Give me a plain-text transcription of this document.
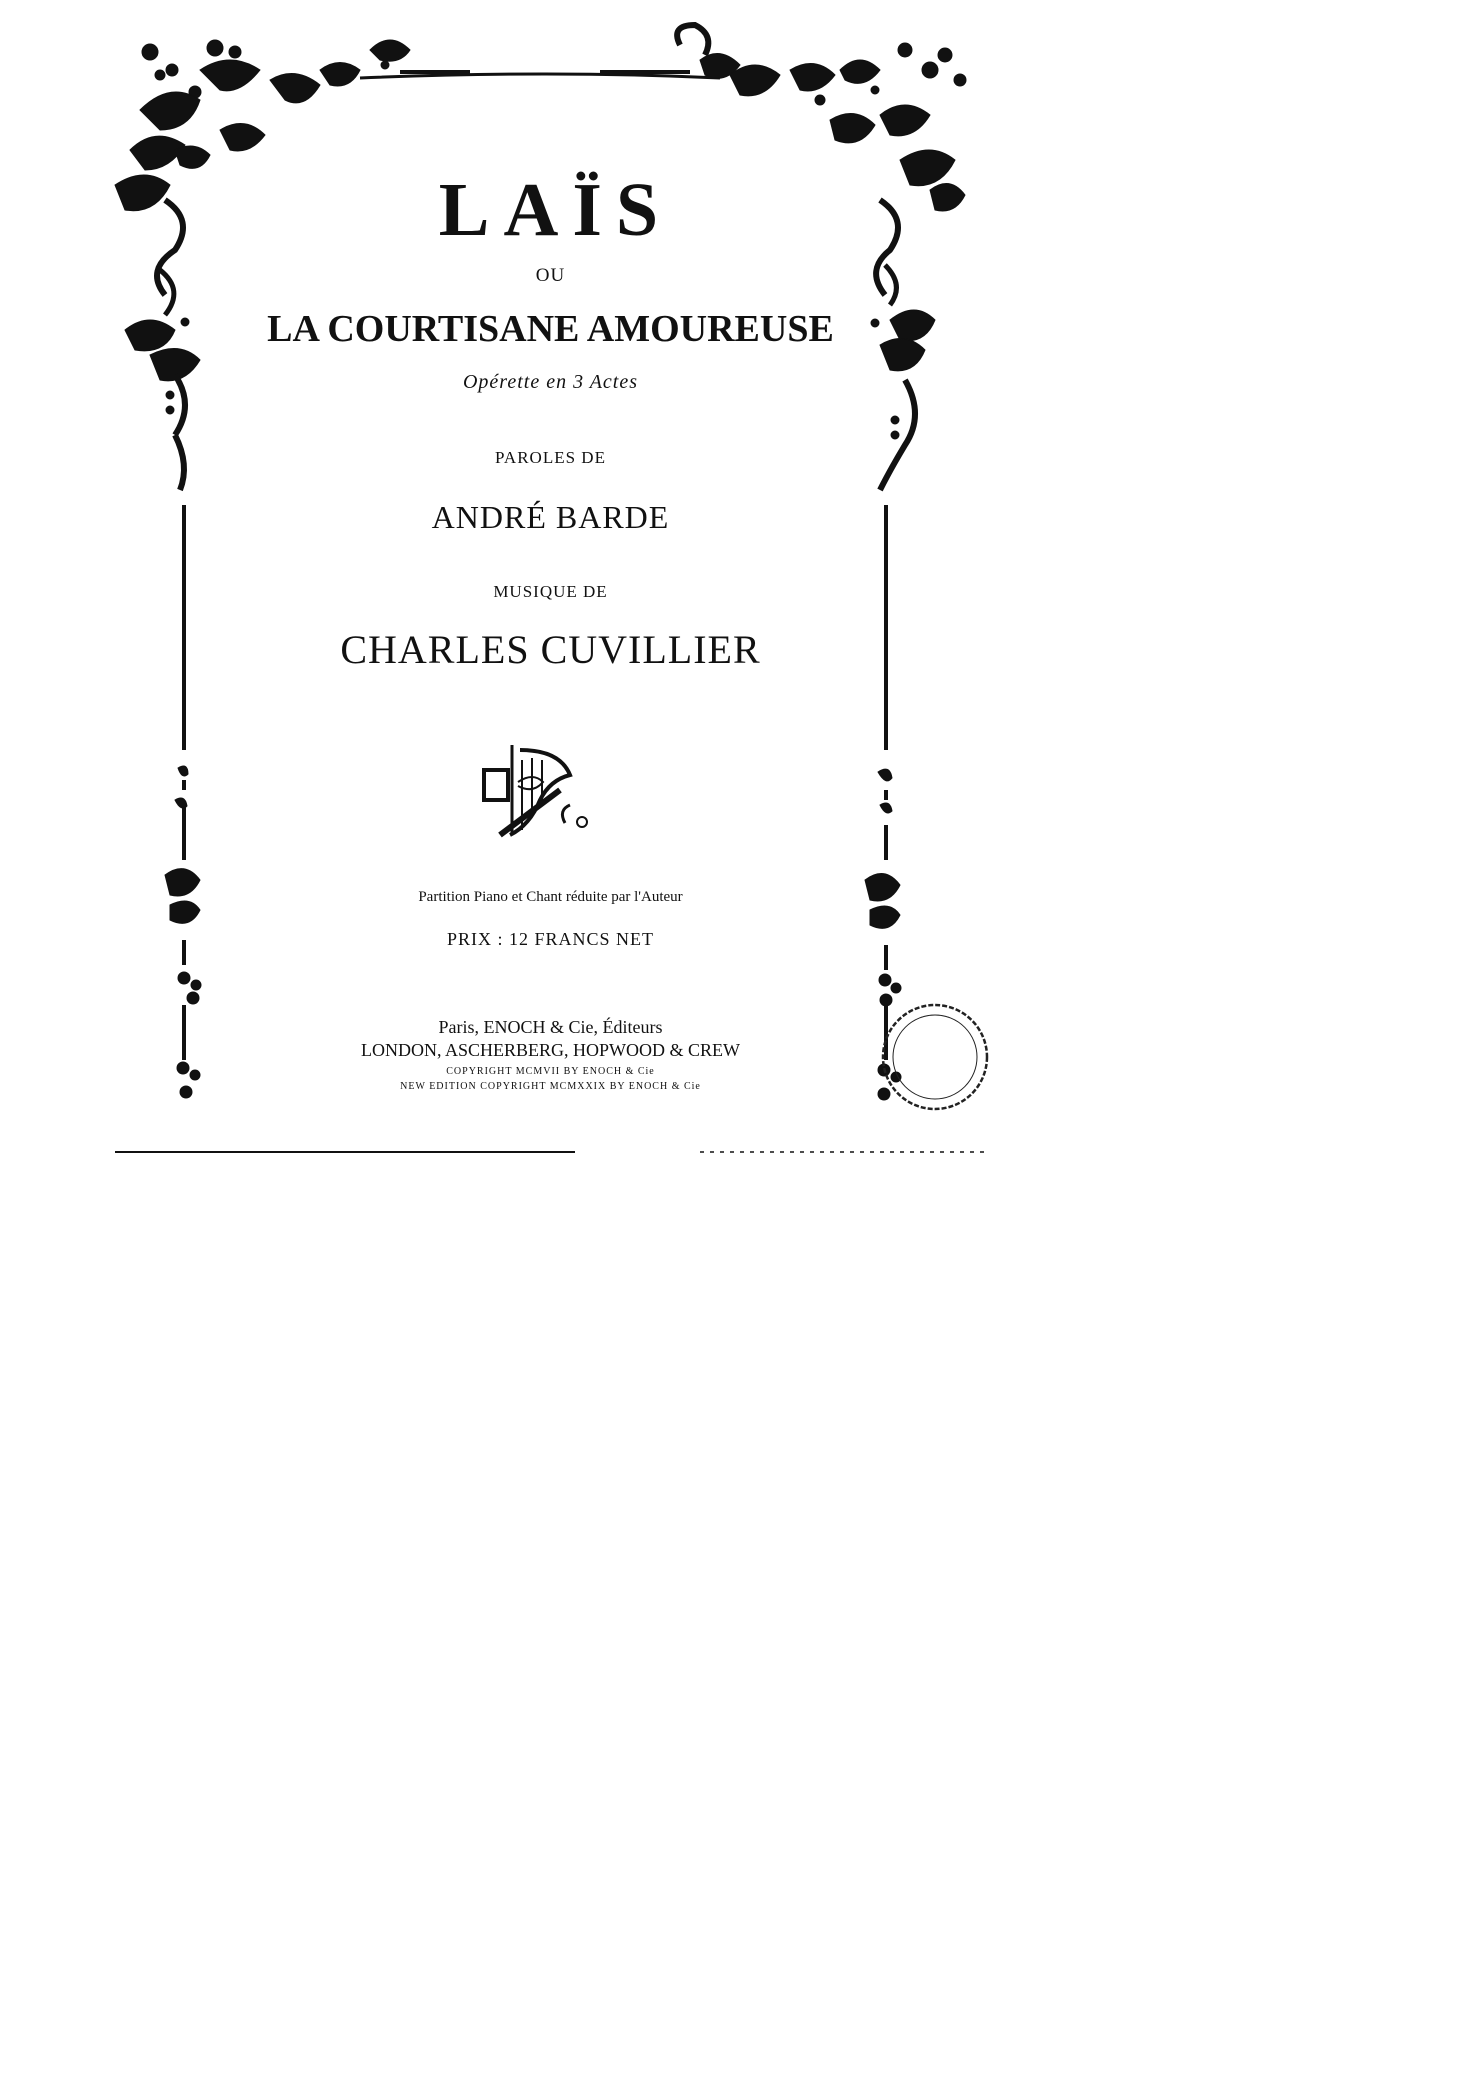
LAÏS

OU

LA COURTISANE AMOUREUSE

Opérette en 3 Actes

PAROLES DE

ANDRÉ BARDE

MUSIQUE DE

CHARLES CUVILLIER

Partition Piano et Chant réduite par l'Auteur

PRIX : 12 FRANCS NET

Paris, ENOCH & Cie, Éditeurs

LONDON, ASCHERBERG, HOPWOOD & CREW

COPYRIGHT MCMVII BY ENOCH & Cie

NEW EDITION COPYRIGHT MCMXXIX BY ENOCH & Cie
